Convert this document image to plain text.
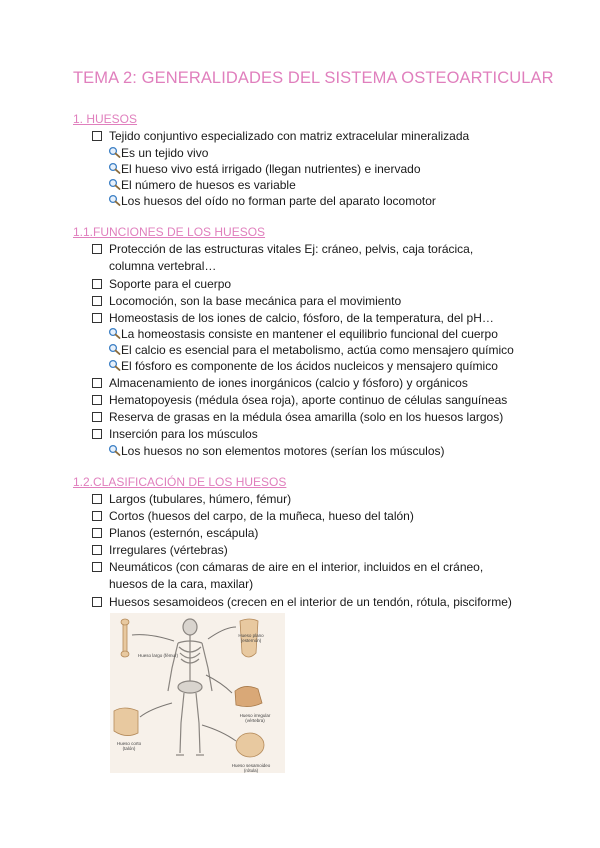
TEMA 2: GENERALIDADES DEL SISTEMA OSTEOARTICULAR
1. HUESOS
Tejido conjuntivo especializado con matriz extracelular mineralizada
Es un tejido vivo
El hueso vivo está irrigado (llegan nutrientes) e inervado
El número de huesos es variable
Los huesos del oído no forman parte del aparato locomotor
1.1.FUNCIONES DE LOS HUESOS
Protección de las estructuras vitales Ej: cráneo, pelvis, caja torácica, columna vertebral…
Soporte para el cuerpo
Locomoción, son la base mecánica para el movimiento
Homeostasis de los iones de calcio, fósforo, de la temperatura, del pH…
La homeostasis consiste en mantener el equilibrio funcional del cuerpo
El calcio es esencial para el metabolismo, actúa como mensajero químico
El fósforo es componente de los ácidos nucleicos y mensajero químico
Almacenamiento de iones inorgánicos (calcio y fósforo) y orgánicos
Hematopoyesis (médula ósea roja), aporte continuo de células sanguíneas
Reserva de grasas en la médula ósea amarilla (solo en los huesos largos)
Inserción para los músculos
Los huesos no son elementos motores (serían los músculos)
1.2.CLASIFICACIÓN DE LOS HUESOS
Largos (tubulares, húmero, fémur)
Cortos (huesos del carpo, de la muñeca, hueso del talón)
Planos (esternón, escápula)
Irregulares (vértebras)
Neumáticos (con cámaras de aire en el interior, incluidos en el cráneo, huesos de la cara, maxilar)
Huesos sesamoideos (crecen en el interior de un tendón, rótula, pisciforme)
Hueso largo (fémur)
Hueso plano (esternón)
Hueso irregular (vértebra)
Hueso corto (talón)
Hueso sesamoideo (rótula)
